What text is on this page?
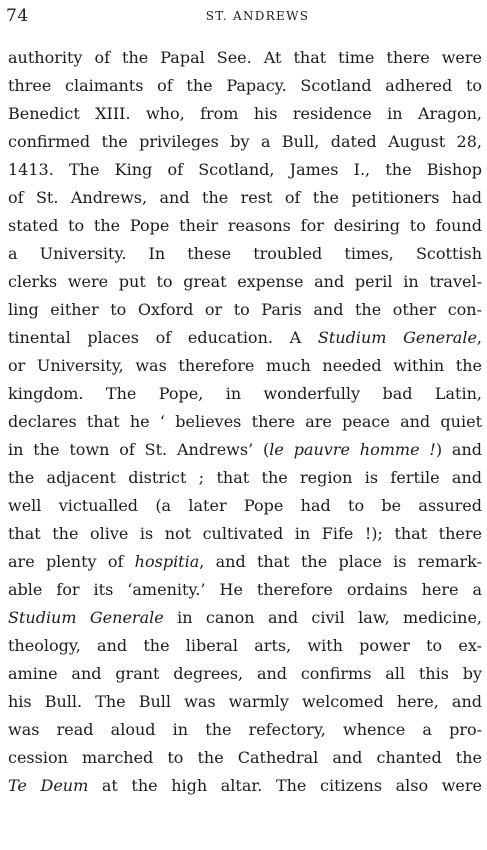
74	ST. ANDREWS
authority of the Papal See. At that time there were
three claimants of the Papacy. Scotland adhered to
Benedict XIII. who, from his residence in Aragon,
confirmed the privileges by a Bull, dated August 28,
1413. The King of Scotland, James I., the Bishop
of St. Andrews, and the rest of the petitioners had
stated to the Pope their reasons for desiring to found
a University. In these troubled times, Scottish
clerks were put to great expense and peril in travel-
ling either to Oxford or to Paris and the other con-
tinental places of education. A Studium Generale,
or University, was therefore much needed within the
kingdom. The Pope, in wonderfully bad Latin,
declares that he ‘ believes there are peace and quiet
in the town of St. Andrews’ (le pauvre homme !) and
the adjacent district ; that the region is fertile and
well victualled (a later Pope had to be assured
that the olive is not cultivated in Fife !); that there
are plenty of hospitia, and that the place is remark-
able for its ‘amenity.’ He therefore ordains here a
Studium Generale in canon and civil law, medicine,
theology, and the liberal arts, with power to ex-
amine and grant degrees, and confirms all this by
his Bull. The Bull was warmly welcomed here, and
was read aloud in the refectory, whence a pro-
cession marched to the Cathedral and chanted the
Te Deum at the high altar. The citizens also were
